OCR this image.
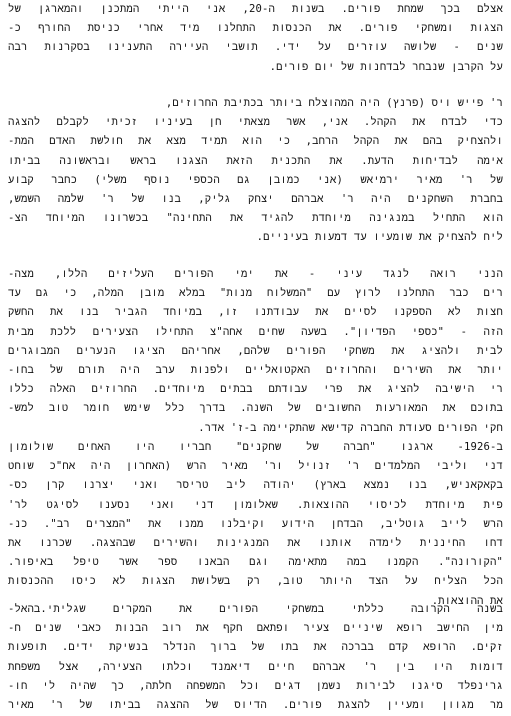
אצלם בכך שמחת פורים. בשנות ה-20, אני הייתי המתכנן והמארגן של
הצגות ומשחקי פורים. את הכנסות התחלנו מיד אחרי כניסת החורף כ-
שנים - שלושה עוזרים על ידי. תושבי העיירה התענינו בסקרנות רבה
על הקרבן שנבחר לבדחנות של יום פורים.
ר' פייש ויס (פרנץ) היה המהוצלח ביותר בכתיבת החרוזים,
כדי לבדח את הקהל. אני, אשר מצאתי חן בעיניו זכיתי לקבלם להצגה
ולהצחיק בהם את הקהל הרחב, כי הוא תמיד מצא את חולשת האדם המת-
אימה לבדיחות הדעת. את התכנית הזאת הצגנו בראש ובראשונה בביתו
של ר' מאיר ירמיאש (אני כמובן גם הכספי נוסף משלי) כחבר קבוע
בחברת השחקנים היה ר' אברהם יצחק גליק, בנו של ר' שלמה השמש,
הוא התחיל במנגינה מיוחדת להגיד את התחינה" בכשרונו המיוחד הצ-
ליח להצחיק את שומעיו עד דמעות בעיניים.
הנני רואה לנגד עיני - את ימי הפורים העליזים הללו, מצה-
רים כבר התחלנו לרוץ עם "המשלוח מנות" במלא מובן המלה, כי גם עד
חצות לא הספקנו לסיים את עבודתנו זו, במיוחד הגביר בנו את החשק
הזה - "כספי הפדיון". בשעה שחים אחה"צ התחילו הצעירים ללכת מבית
לבית ולהציג את משחקי הפורים שלהם, אחריהם הציגו הנערים המבוגרים
יותר את השירים והחרוזים האקטואליים ולפנות ערב היה תורם של בחו-
רי הישיבה להציג את פרי עבודתם בבתים מיוחדים. החרוזים האלה כללו
בתוכם את המאורעות החשובים של השנה. בדרך כלל שימש חומר טוב למש-
חקי הפורים סעודת החברה קדישא שהתקיימה ב-ז' אדר.
ב-1926- ארגנו "חברה של שחקנים" חבריו היו האחים שולומון
דני וליבי המלמדים ר' זנויל ור' מאיר הרש (האחרון היה אח"כ שוחט
בקאקאניש, בנו נמצא בארץ) יהודה ליב טריסר ואני יצרנו קרן כס-
פית מיוחדת לכיסוי ההוצאות. שאלומון דני ואני נסענו לסיגט לר'
הרש לייב גוטליב, הבדחן הידוע וקיבלנו ממנו את "המצרים רב". כנ-
דחו החיננית לימדה אותנו את המנגינות והשירים שבהצגה. שכרנו את
"הקורונה". הקמנו במה מתאימה וגם הבאנו ספר אשר טיפל באיפור.
הכל הצליח על הצד היותר טוב, רק בשלושת הצגות לא כיסו ההכנסות
את ההוצאות.
בשנה הקרובה כללתי במשחקי הפורים את המקרים שגליתי.בהאל-
מין החישב רופא שיניים צעיר ופתאם חקף את רוב הבנות כאבי שנים ח-
זקים. הרופא קדם בברכה את בתו של ברוך הנדלר בנשיקת ידים. תופעות
דומות היו בין ר' אברהם חיים דיאמנד וכלתו הצעירה, אצל משפחת
גרינפלד סיגנו לבירות נשמן דגים וכל המשפחה חלתה, כך שהיה לי חו-
מר מגוון ומעיין להצגת פורים. הדיוס של ההצגה בביתו של ר' מאיר
